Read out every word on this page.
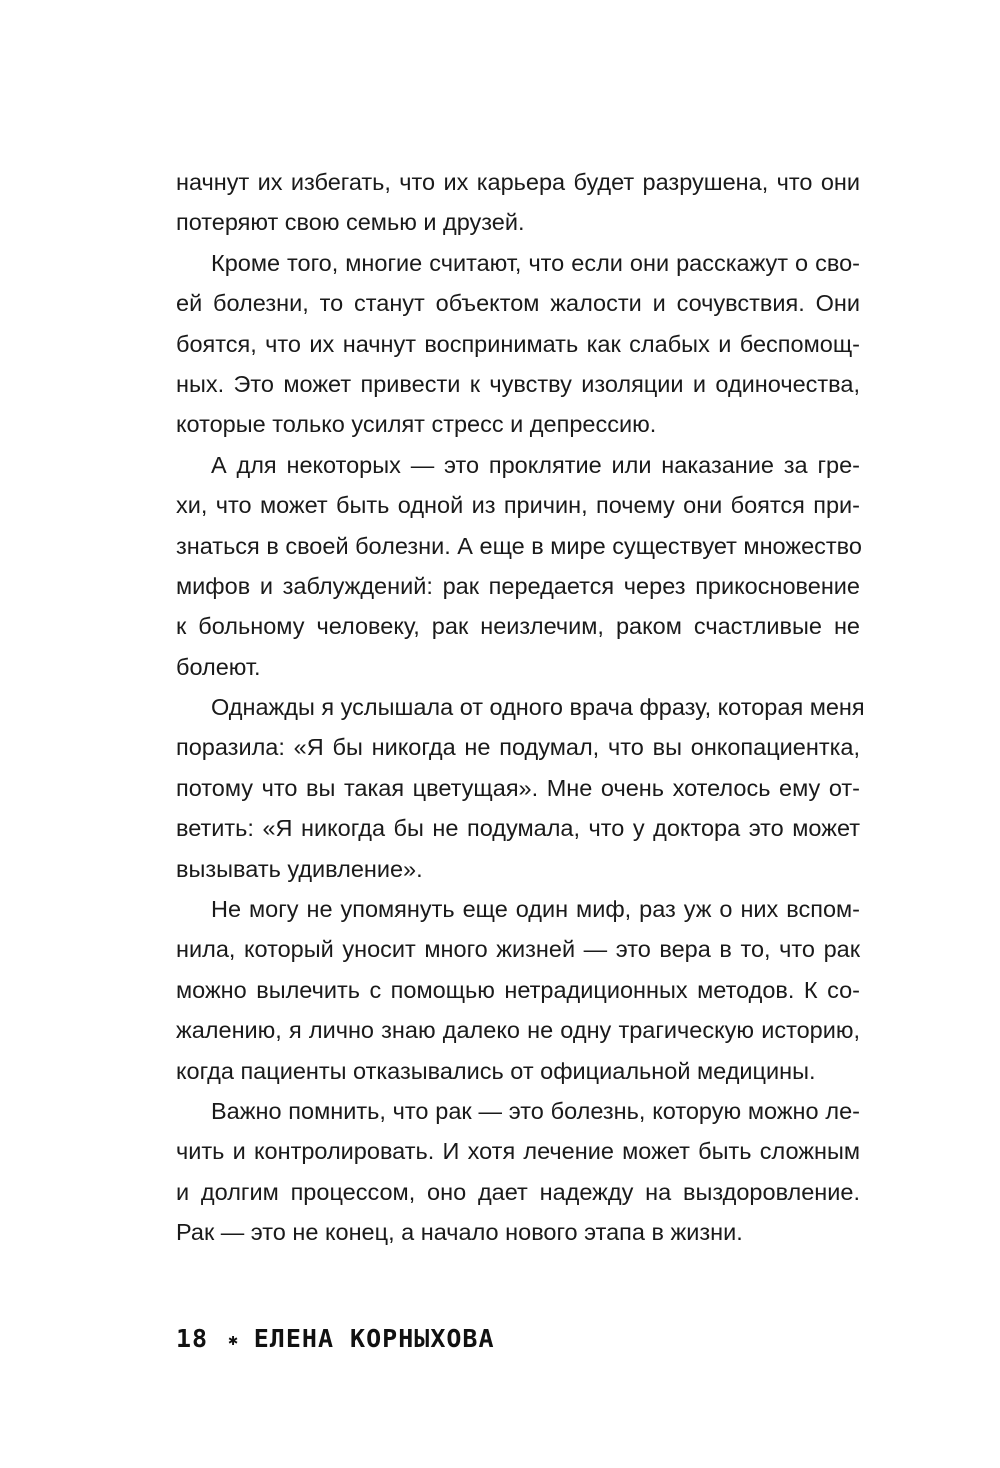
начнут их избегать, что их карьера будет разрушена, что они
потеряют свою семью и друзей.
Кроме того, многие считают, что если они расскажут о сво-
ей болезни, то станут объектом жалости и сочувствия. Они
боятся, что их начнут воспринимать как слабых и беспомощ-
ных. Это может привести к чувству изоляции и одиночества,
которые только усилят стресс и депрессию.
А для некоторых — это проклятие или наказание за гре-
хи, что может быть одной из причин, почему они боятся при-
знаться в своей болезни. А еще в мире существует множество
мифов и заблуждений: рак передается через прикосновение
к больному человеку, рак неизлечим, раком счастливые не
болеют.
Однажды я услышала от одного врача фразу, которая меня
поразила: «Я бы никогда не подумал, что вы онкопациентка,
потому что вы такая цветущая». Мне очень хотелось ему от-
ветить: «Я никогда бы не подумала, что у доктора это может
вызывать удивление».
Не могу не упомянуть еще один миф, раз уж о них вспом-
нила, который уносит много жизней — это вера в то, что рак
можно вылечить с помощью нетрадиционных методов. К со-
жалению, я лично знаю далеко не одну трагическую историю,
когда пациенты отказывались от официальной медицины.
Важно помнить, что рак — это болезнь, которую можно ле-
чить и контролировать. И хотя лечение может быть сложным
и долгим процессом, оно дает надежду на выздоровление.
Рак — это не конец, а начало нового этапа в жизни.
18 ✱ ЕЛЕНА КОРНЫХОВА
